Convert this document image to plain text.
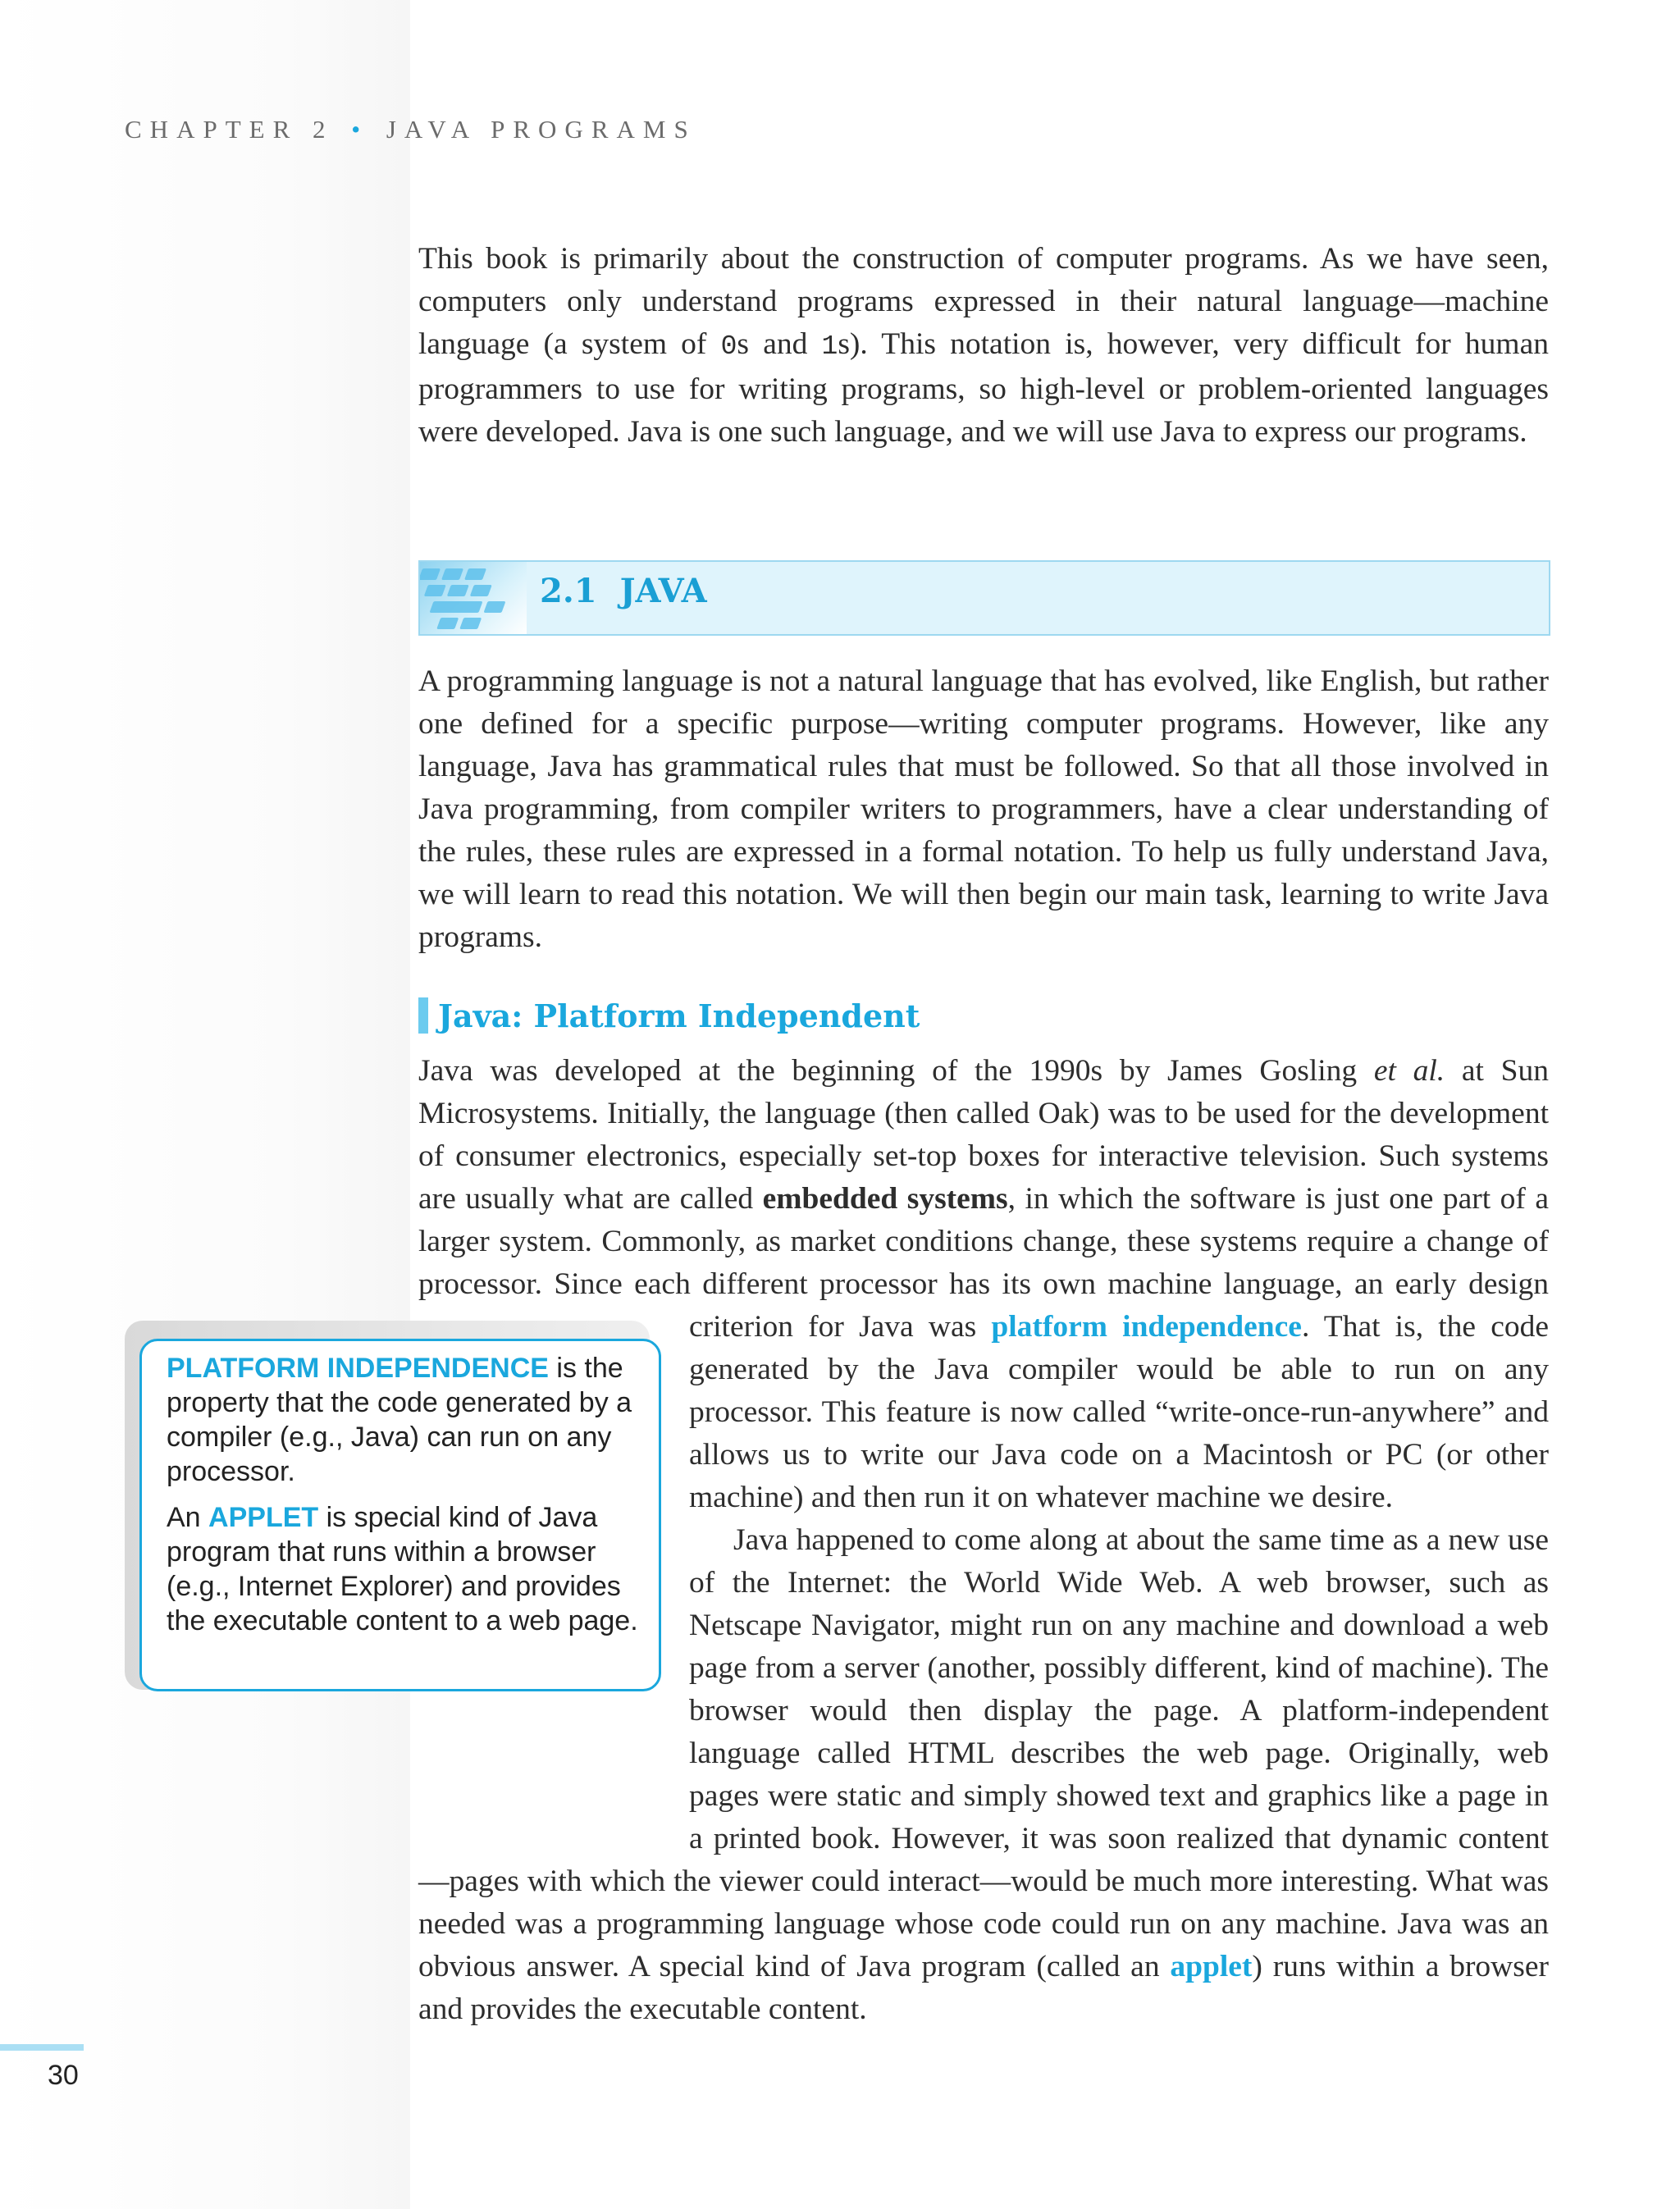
CHAPTER 2 • JAVA PROGRAMS

This book is primarily about the construction of computer programs. As we have seen, computers only understand programs expressed in their natural language—machine language (a system of 0s and 1s). This notation is, however, very difficult for human programmers to use for writing programs, so high-level or problem-oriented languages were developed. Java is one such language, and we will use Java to express our programs.

2.1 JAVA

A programming language is not a natural language that has evolved, like English, but rather one defined for a specific purpose—writing computer programs. However, like any language, Java has grammatical rules that must be followed. So that all those involved in Java programming, from compiler writers to programmers, have a clear understanding of the rules, these rules are expressed in a formal notation. To help us fully understand Java, we will learn to read this notation. We will then begin our main task, learning to write Java programs.

Java: Platform Independent

Java was developed at the beginning of the 1990s by James Gosling et al. at Sun Microsystems. Initially, the language (then called Oak) was to be used for the development of consumer electronics, especially set-top boxes for interactive television. Such systems are usually what are called embedded systems, in which the software is just one part of a larger system. Commonly, as market conditions change, these systems require a change of processor. Since each different processor has its own machine language, an early design criterion for Java was platform independence. That is, the code generated by the Java compiler would be able to run on any processor. This feature is now called “write-once-run-anywhere” and allows us to write our Java code on a Macintosh or PC (or other machine) and then run it on whatever machine we desire.

Java happened to come along at about the same time as a new use of the Internet: the World Wide Web. A web browser, such as Netscape Navigator, might run on any machine and download a web page from a server (another, possibly different, kind of machine). The browser would then display the page. A platform-independent language called HTML describes the web page. Originally, web pages were static and simply showed text and graphics like a page in a printed book. However, it was soon realized that dynamic content—pages with which the viewer could interact—would be much more interesting. What was needed was a programming language whose code could run on any machine. Java was an obvious answer. A special kind of Java program (called an applet) runs within a browser and provides the executable content.

PLATFORM INDEPENDENCE is the property that the code generated by a compiler (e.g., Java) can run on any processor.

An APPLET is special kind of Java program that runs within a browser (e.g., Internet Explorer) and provides the executable content to a web page.

30
